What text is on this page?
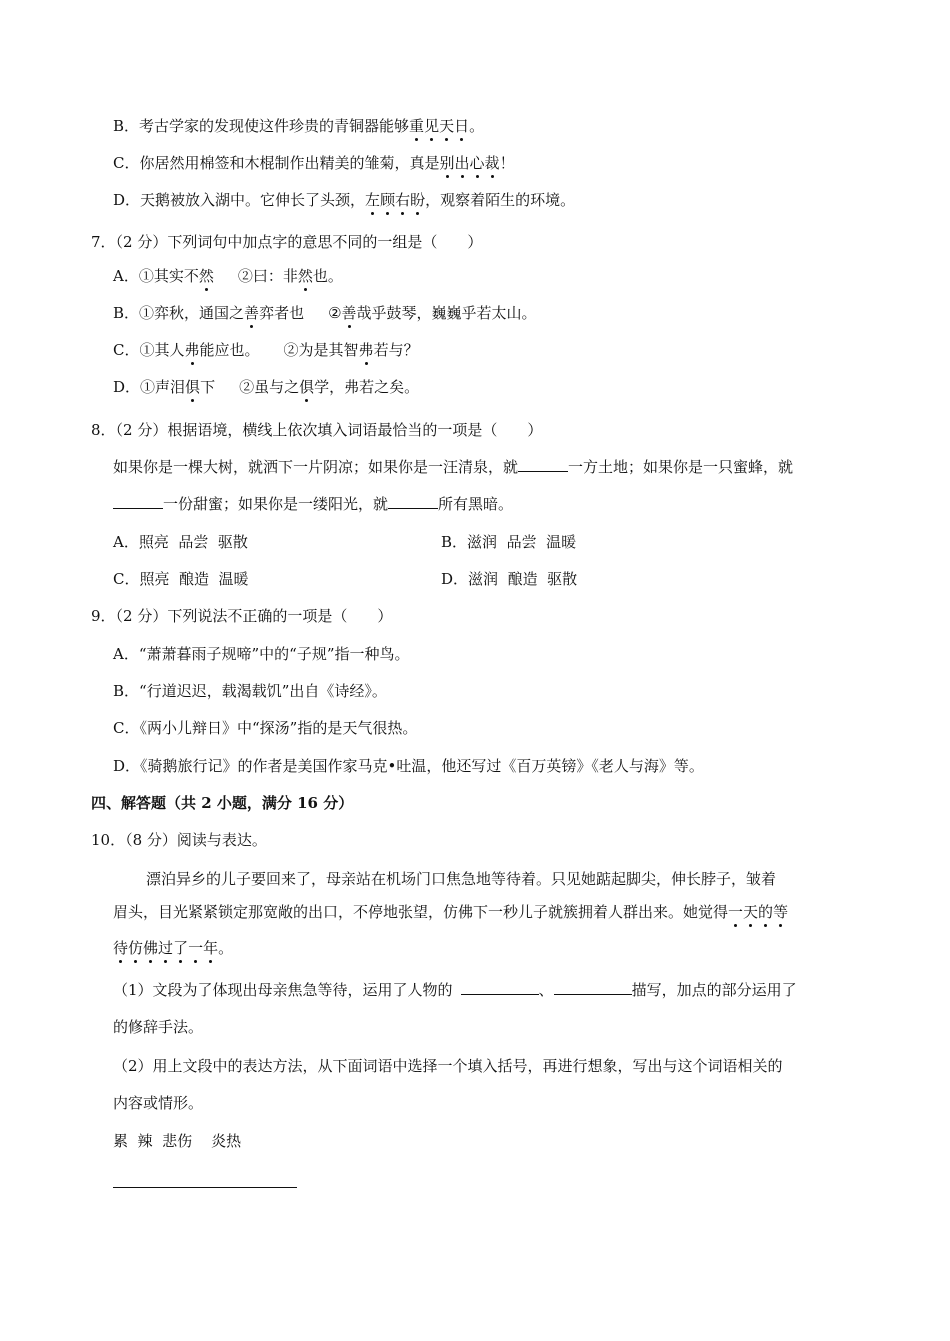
B．考古学家的发现使这件珍贵的青铜器能够重见天日。
C．你居然用棉签和木棍制作出精美的雏菊，真是别出心裁！
D．天鹅被放入湖中。它伸长了头颈，左顾右盼，观察着陌生的环境。
7．（2 分）下列词句中加点字的意思不同的一组是（　　）
A．①其实不然 ②曰：非然也。
B．①弈秋，通国之善弈者也 ②善哉乎鼓琴，巍巍乎若太山。
C．①其人弗能应也。 ②为是其智弗若与？
D．①声泪俱下 ②虽与之俱学，弗若之矣。
8．（2 分）根据语境，横线上依次填入词语最恰当的一项是（　　）
如果你是一棵大树，就洒下一片阴凉；如果你是一汪清泉，就	一方土地；如果你是一只蜜蜂，就
一份甜蜜；如果你是一缕阳光，就	所有黑暗。
A．照亮  品尝  驱散	B．滋润  品尝  温暖
C．照亮  酿造  温暖	D．滋润  酿造  驱散
9．（2 分）下列说法不正确的一项是（　　）
A．“萧萧暮雨子规啼”中的“子规”指一种鸟。
B．“行道迟迟，载渴载饥”出自《诗经》。
C．《两小儿辩日》中“探汤”指的是天气很热。
D．《骑鹅旅行记》的作者是美国作家马克•吐温，他还写过《百万英镑》《老人与海》等。
四、解答题（共 2 小题，满分 16 分）
10．（8 分）阅读与表达。
漂泊异乡的儿子要回来了，母亲站在机场门口焦急地等待着。只见她踮起脚尖，伸长脖子，皱着
眉头，目光紧紧锁定那宽敞的出口，不停地张望，仿佛下一秒儿子就簇拥着人群出来。她觉得一天的等
待仿佛过了一年。
（1）文段为了体现出母亲焦急等待，运用了人物的	、	描写，加点的部分运用了
的修辞手法。
（2）用上文段中的表达方法，从下面词语中选择一个填入括号，再进行想象，写出与这个词语相关的
内容或情形。
累  辣  悲伤    炎热
